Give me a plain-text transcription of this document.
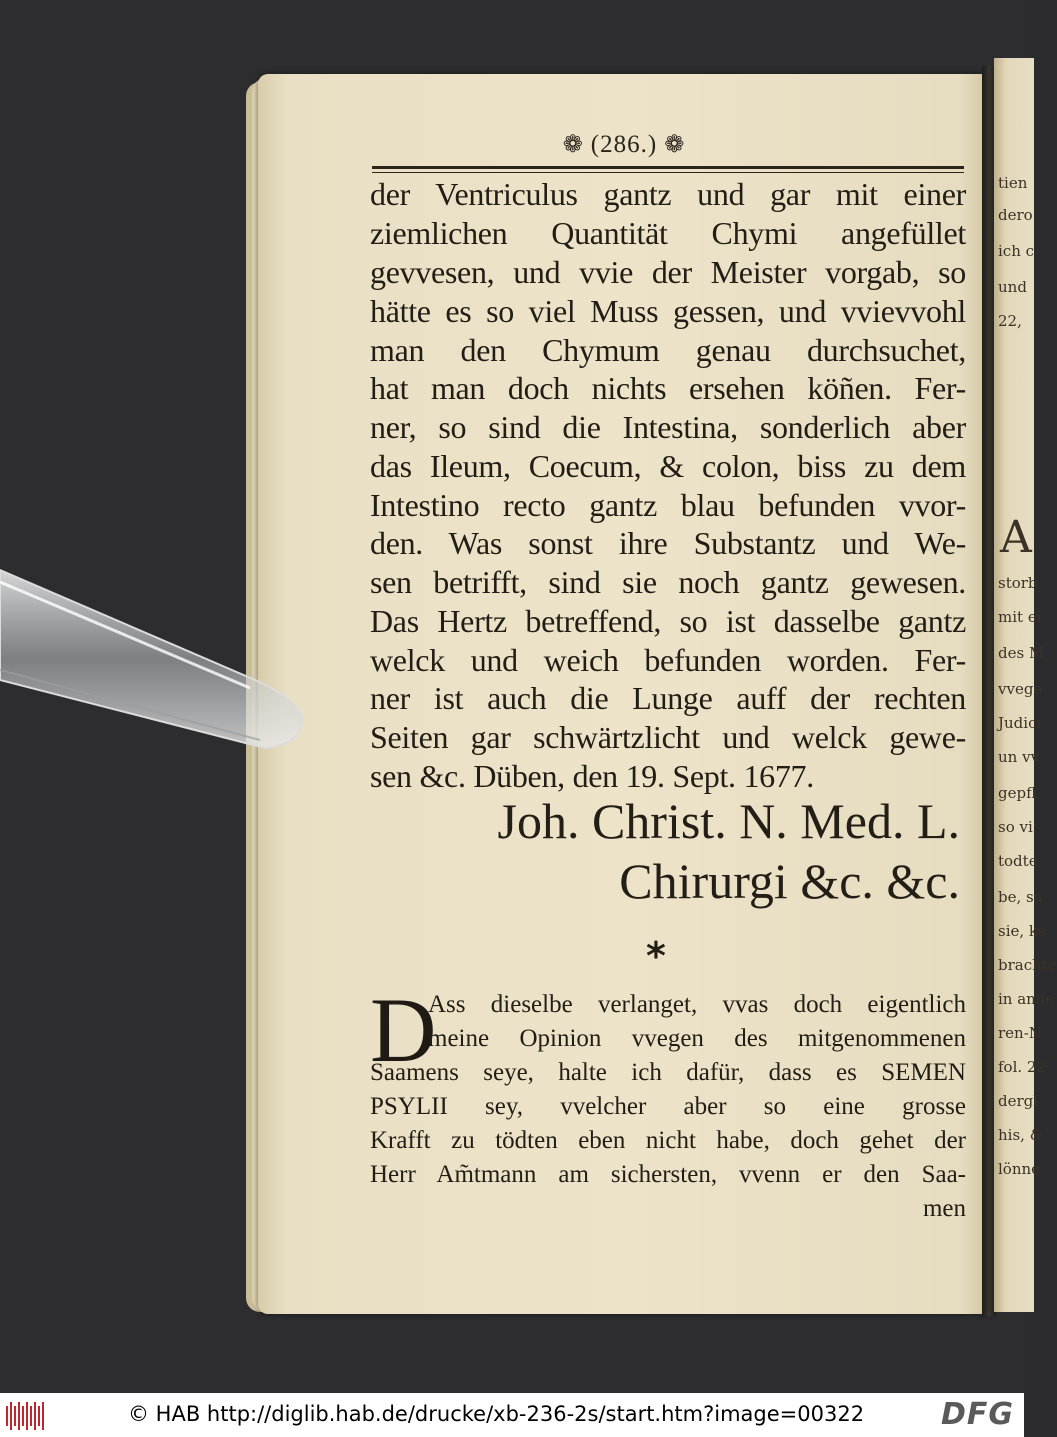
❁ (286.) ❁

der Ventriculus gantz und gar mit einer

ziemlichen Quantität Chymi angefüllet

gevvesen, und vvie der Meister vorgab, so

hätte es so viel Muss gessen, und vvievvohl

man den Chymum genau durchsuchet,

hat man doch nichts ersehen köñen. Fer-

ner, so sind die Intestina, sonderlich aber

das Ileum, Coecum, & colon, biss zu dem

Intestino recto gantz blau befunden vvor-

den. Was sonst ihre Substantz und We-

sen betrifft, sind sie noch gantz gewesen.

Das Hertz betreffend, so ist dasselbe gantz

welck und weich befunden worden. Fer-

ner ist auch die Lunge auff der rechten

Seiten gar schwärtzlicht und welck gewe-

sen &c. Düben, den 19. Sept. 1677.

Joh. Christ. N. Med. L.

Chirurgi &c. &c.

*
D

Ass dieselbe verlanget, vvas doch eigentlich

meine Opinion vvegen des mitgenommenen

Saamens seye, halte ich dafür, dass es SEMEN

PSYLII sey, vvelcher aber so eine grosse

Krafft zu tödten eben nicht habe, doch gehet der

Herr Am̃tmann am sichersten, vvenn er den Saa-

men

tien
dero
ich c
und
22,
A
storb
mit ei
des M
vvege
Judici
un vv
gepfl
so vi
todte
be, sa
sie, ke
brachte
in ande
ren-N
fol. 22
dergl
his, &
lönne
© HAB http://diglib.hab.de/drucke/xb-236-2s/start.htm?image=00322	DFG
